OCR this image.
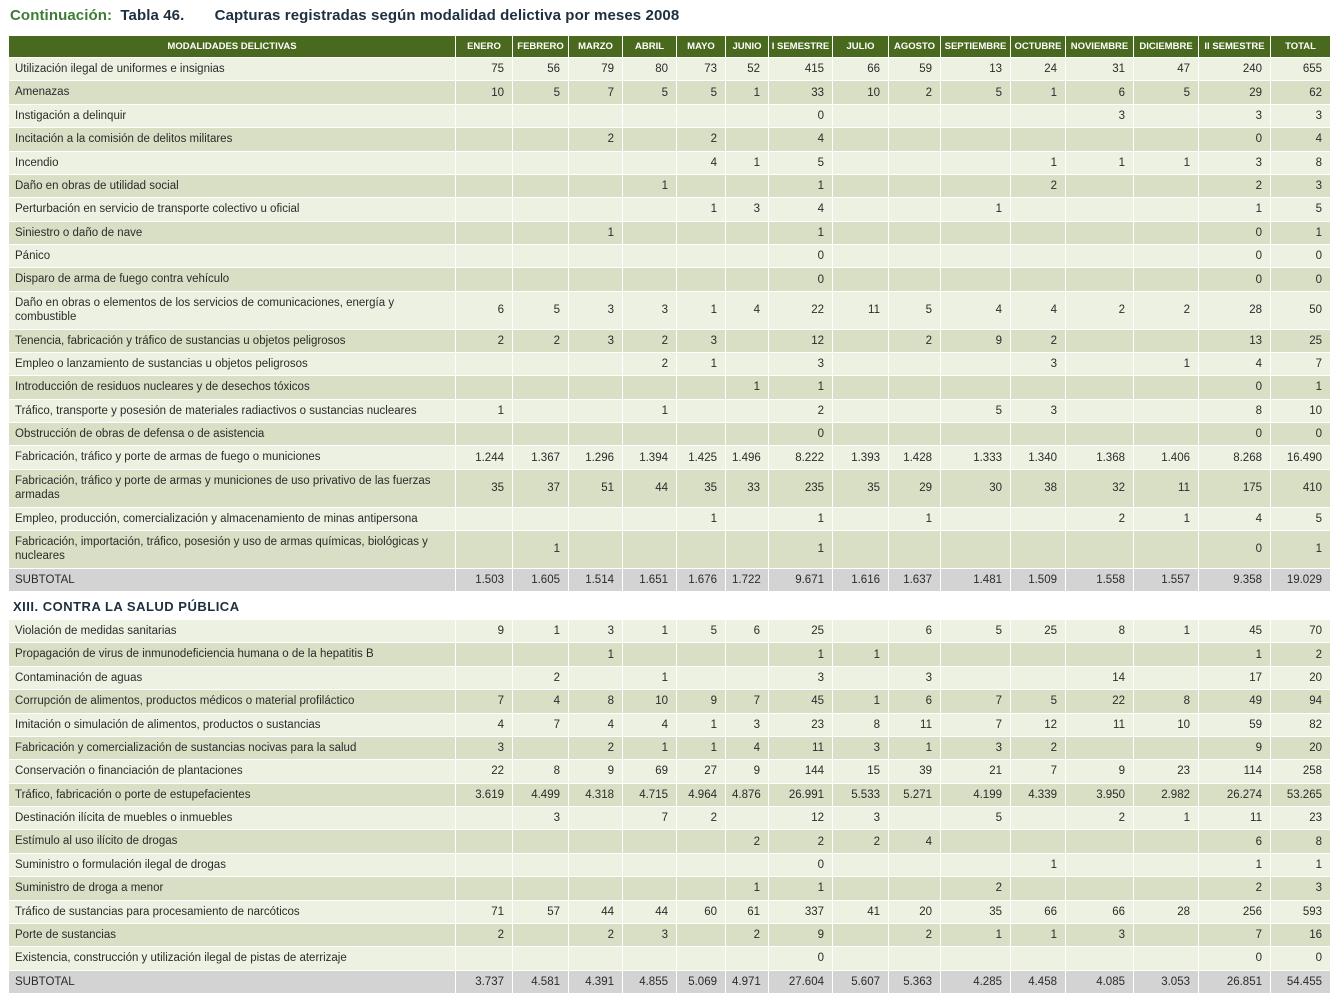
Continuación: Tabla 46. Capturas registradas según modalidad delictiva por meses 2008
MODALIDADES DELICTIVAS	ENERO	FEBRERO	MARZO	ABRIL	MAYO	JUNIO	I SEMESTRE	JULIO	AGOSTO	SEPTIEMBRE	OCTUBRE	NOVIEMBRE	DICIEMBRE	II SEMESTRE	TOTAL
Utilización ilegal de uniformes e insignias	75	56	79	80	73	52	415	66	59	13	24	31	47	240	655
Amenazas	10	5	7	5	5	1	33	10	2	5	1	6	5	29	62
Instigación a delinquir							0					3		3	3
Incitación a la comisión de delitos militares			2		2		4							0	4
Incendio					4	1	5				1	1	1	3	8
Daño en obras de utilidad social				1			1				2			2	3
Perturbación en servicio de transporte colectivo u oficial					1	3	4			1				1	5
Siniestro o daño de nave			1				1							0	1
Pánico							0							0	0
Disparo de arma de fuego contra vehículo							0							0	0
Daño en obras o elementos de los servicios de comunicaciones, energía y combustible	6	5	3	3	1	4	22	11	5	4	4	2	2	28	50
Tenencia, fabricación y tráfico de sustancias u objetos peligrosos	2	2	3	2	3		12		2	9	2			13	25
Empleo o lanzamiento de sustancias u objetos peligrosos				2	1		3				3		1	4	7
Introducción de residuos nucleares y de desechos tóxicos						1	1							0	1
Tráfico, transporte y posesión de materiales radiactivos o sustancias nucleares	1			1			2			5	3			8	10
Obstrucción de obras de defensa o de asistencia							0							0	0
Fabricación, tráfico y porte de armas de fuego o municiones	1.244	1.367	1.296	1.394	1.425	1.496	8.222	1.393	1.428	1.333	1.340	1.368	1.406	8.268	16.490
Fabricación, tráfico y porte de armas y municiones de uso privativo de las fuerzas armadas	35	37	51	44	35	33	235	35	29	30	38	32	11	175	410
Empleo, producción, comercialización y almacenamiento de minas antipersona					1		1		1			2	1	4	5
Fabricación, importación, tráfico, posesión y uso de armas químicas, biológicas y nucleares		1					1							0	1
SUBTOTAL	1.503	1.605	1.514	1.651	1.676	1.722	9.671	1.616	1.637	1.481	1.509	1.558	1.557	9.358	19.029
XIII. CONTRA LA SALUD PÚBLICA															
Violación de medidas sanitarias	9	1	3	1	5	6	25		6	5	25	8	1	45	70
Propagación de virus de inmunodeficiencia humana o de la hepatitis B			1				1	1						1	2
Contaminación de aguas		2		1			3		3			14		17	20
Corrupción de alimentos, productos médicos o material profiláctico	7	4	8	10	9	7	45	1	6	7	5	22	8	49	94
Imitación o simulación de alimentos, productos o sustancias	4	7	4	4	1	3	23	8	11	7	12	11	10	59	82
Fabricación y comercialización de sustancias nocivas para la salud	3		2	1	1	4	11	3	1	3	2			9	20
Conservación o financiación de plantaciones	22	8	9	69	27	9	144	15	39	21	7	9	23	114	258
Tráfico, fabricación o porte de estupefacientes	3.619	4.499	4.318	4.715	4.964	4.876	26.991	5.533	5.271	4.199	4.339	3.950	2.982	26.274	53.265
Destinación ilícita de muebles o inmuebles		3		7	2		12	3		5		2	1	11	23
Estímulo al uso ilícito de drogas						2	2	2	4					6	8
Suministro o formulación ilegal de drogas							0				1			1	1
Suministro de droga a menor						1	1			2				2	3
Tráfico de sustancias para procesamiento de narcóticos	71	57	44	44	60	61	337	41	20	35	66	66	28	256	593
Porte de sustancias	2		2	3		2	9		2	1	1	3		7	16
Existencia, construcción y utilización ilegal de pistas de aterrizaje							0							0	0
SUBTOTAL	3.737	4.581	4.391	4.855	5.069	4.971	27.604	5.607	5.363	4.285	4.458	4.085	3.053	26.851	54.455
